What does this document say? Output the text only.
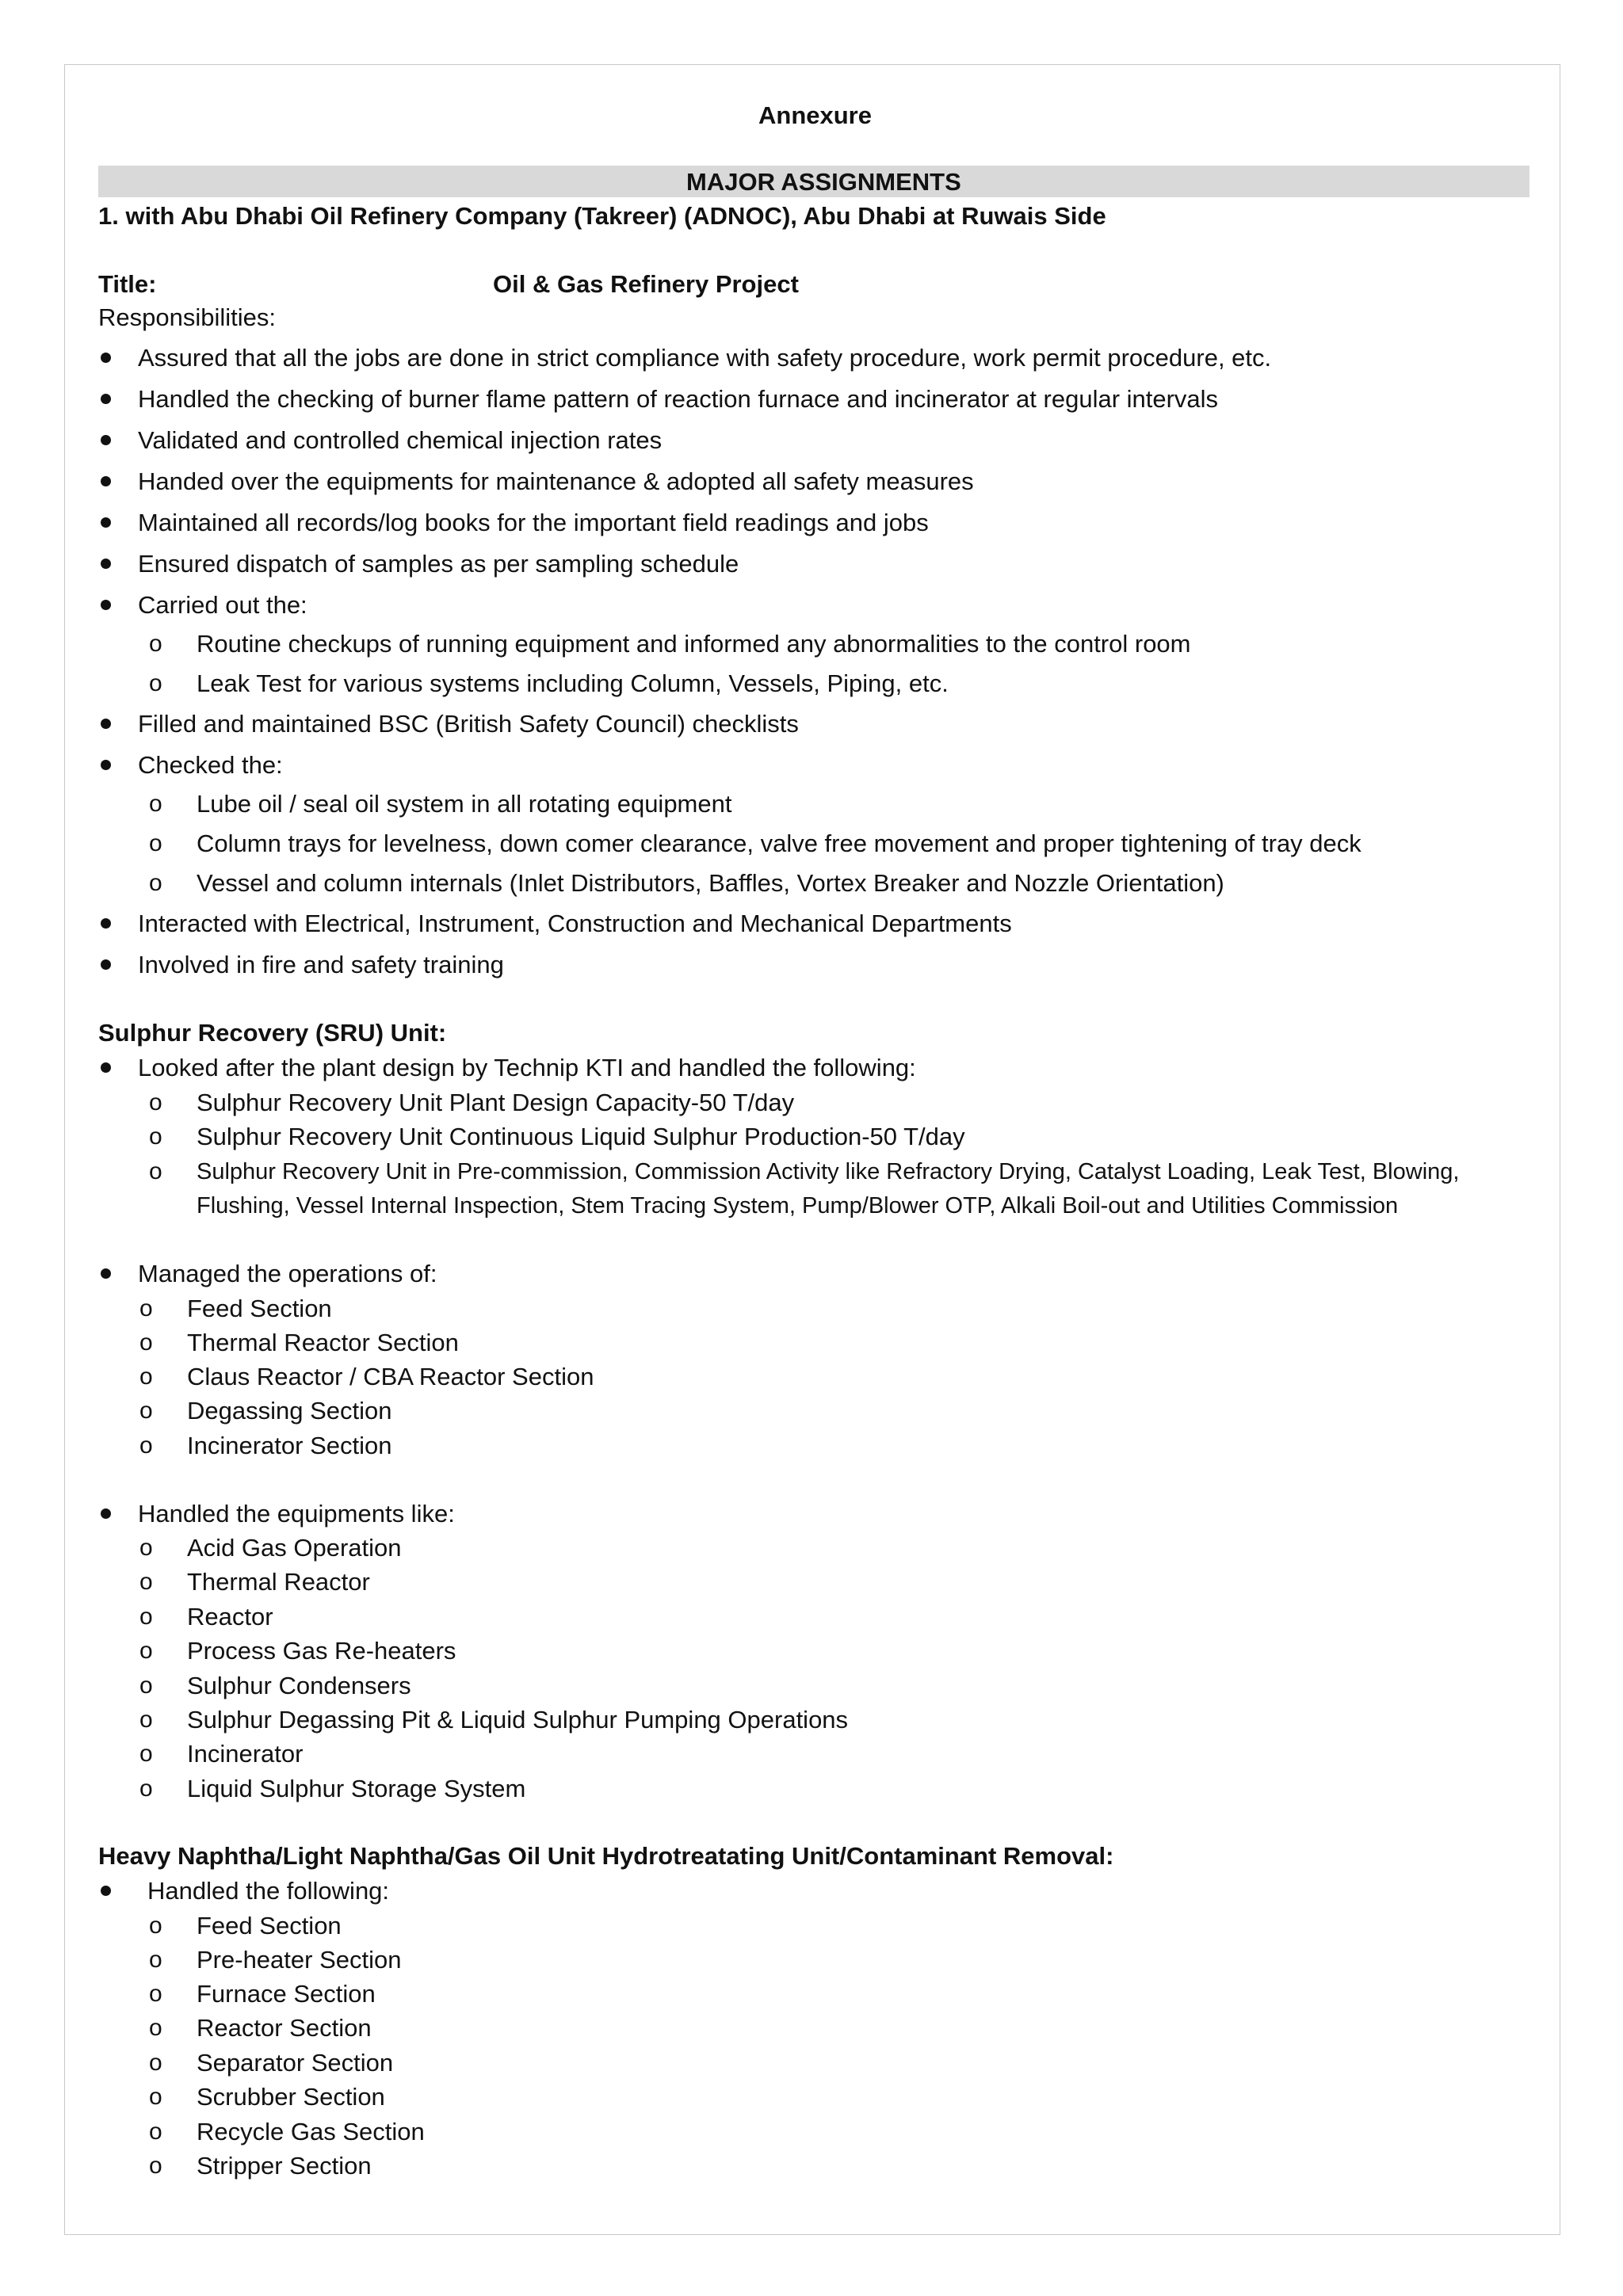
Annexure
MAJOR ASSIGNMENTS
1. with Abu Dhabi Oil Refinery Company (Takreer) (ADNOC), Abu Dhabi at Ruwais Side
Title:	Oil & Gas Refinery Project
Responsibilities:
Assured that all the jobs are done in strict compliance with safety procedure, work permit procedure, etc.
Handled the checking of burner flame pattern of reaction furnace and incinerator at regular intervals
Validated and controlled chemical injection rates
Handed over the equipments for maintenance & adopted all safety measures
Maintained all records/log books for the important field readings and jobs
Ensured dispatch of samples as per sampling schedule
Carried out the:
o Routine checkups of running equipment and informed any abnormalities to the control room
o Leak Test for various systems including Column, Vessels, Piping, etc.
Filled and maintained BSC (British Safety Council) checklists
Checked the:
o Lube oil / seal oil system in all rotating equipment
o Column trays for levelness, down comer clearance, valve free movement and proper tightening of tray deck
o Vessel and column internals (Inlet Distributors, Baffles, Vortex Breaker and Nozzle Orientation)
Interacted with Electrical, Instrument, Construction and Mechanical Departments
Involved in fire and safety training
Sulphur Recovery (SRU) Unit:
Looked after the plant design by Technip KTI and handled the following:
o Sulphur Recovery Unit Plant Design Capacity-50 T/day
o Sulphur Recovery Unit Continuous Liquid Sulphur Production-50 T/day
o Sulphur Recovery Unit in Pre-commission, Commission Activity like Refractory Drying, Catalyst Loading, Leak Test, Blowing,
Flushing, Vessel Internal Inspection, Stem Tracing System, Pump/Blower OTP, Alkali Boil-out and Utilities Commission
Managed the operations of:
o Feed Section
o Thermal Reactor Section
o Claus Reactor / CBA Reactor Section
o Degassing Section
o Incinerator Section
Handled the equipments like:
o Acid Gas Operation
o Thermal Reactor
o Reactor
o Process Gas Re-heaters
o Sulphur Condensers
o Sulphur Degassing Pit & Liquid Sulphur Pumping Operations
o Incinerator
o Liquid Sulphur Storage System
Heavy Naphtha/Light Naphtha/Gas Oil Unit Hydrotreatating Unit/Contaminant Removal:
Handled the following:
o Feed Section
o Pre-heater Section
o Furnace Section
o Reactor Section
o Separator Section
o Scrubber Section
o Recycle Gas Section
o Stripper Section
